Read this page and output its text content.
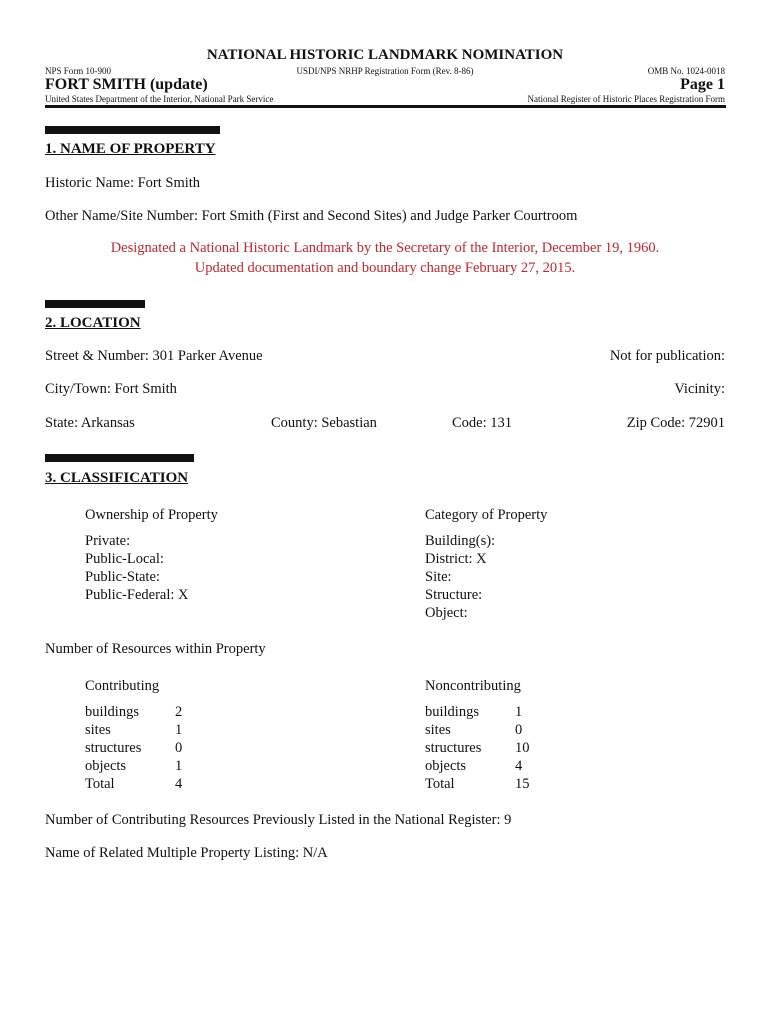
NATIONAL HISTORIC LANDMARK NOMINATION
NPS Form 10-900	USDI/NPS NRHP Registration Form (Rev. 8-86)	OMB No. 1024-0018
FORT SMITH (update)	Page 1
United States Department of the Interior, National Park Service	National Register of Historic Places Registration Form
1. NAME OF PROPERTY
Historic Name: Fort Smith
Other Name/Site Number: Fort Smith (First and Second Sites) and Judge Parker Courtroom
Designated a National Historic Landmark by the Secretary of the Interior, December 19, 1960.
Updated documentation and boundary change February 27, 2015.
2. LOCATION
Street & Number: 301 Parker Avenue	Not for publication:
City/Town: Fort Smith	Vicinity:
State: Arkansas	County: Sebastian	Code: 131	Zip Code: 72901
3. CLASSIFICATION
Ownership of Property
Private:
Public-Local:
Public-State:
Public-Federal: X
Category of Property
Building(s):
District: X
Site:
Structure:
Object:
Number of Resources within Property
Contributing
buildings	2
sites	1
structures	0
objects	1
Total	4
Noncontributing
buildings	1
sites	0
structures	10
objects	4
Total	15
Number of Contributing Resources Previously Listed in the National Register: 9
Name of Related Multiple Property Listing: N/A
